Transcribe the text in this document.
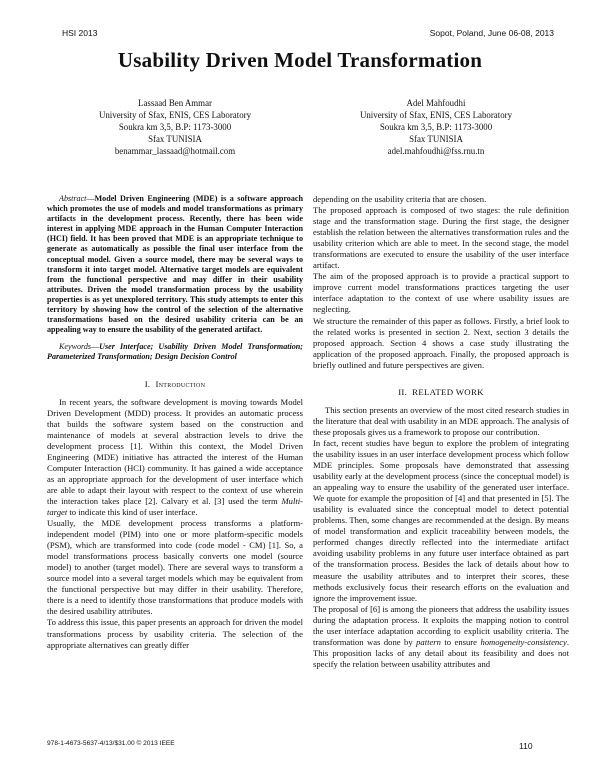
HSI 2013	Sopot, Poland, June 06-08, 2013
Usability Driven Model Transformation
Lassaad Ben Ammar
University of Sfax, ENIS, CES Laboratory
Soukra km 3,5, B.P: 1173-3000
Sfax TUNISIA
benammar_lassaad@hotmail.com
Adel Mahfoudhi
University of Sfax, ENIS, CES Laboratory
Soukra km 3,5, B.P: 1173-3000
Sfax TUNISIA
adel.mahfoudhi@fss.rnu.tn

Abstract—Model Driven Engineering (MDE) is a software approach which promotes the use of models and model transformations as primary artifacts in the development process. Recently, there has been wide interest in applying MDE approach in the Human Computer Interaction (HCI) field. It has been proved that MDE is an appropriate technique to generate as automatically as possible the final user interface from the conceptual model. Given a source model, there may be several ways to transform it into target model. Alternative target models are equivalent from the functional perspective and may differ in their usability attributes. Driven the model transformation process by the usability properties is as yet unexplored territory. This study attempts to enter this territory by showing how the control of the selection of the alternative transformations based on the desired usability criteria can be an appealing way to ensure the usability of the generated artifact.

Keywords—User Interface; Usability Driven Model Transformation; Parameterized Transformation; Design Decision Control

I. Introduction

In recent years, the software development is moving towards Model Driven Development (MDD) process. It provides an automatic process that builds the software system based on the construction and maintenance of models at several abstraction levels to drive the development process [1]. Within this context, the Model Driven Engineering (MDE) initiative has attracted the interest of the Human Computer Interaction (HCI) community. It has gained a wide acceptance as an appropriate approach for the development of user interface which are able to adapt their layout with respect to the context of use wherein the interaction takes place [2]. Calvary et al. [3] used the term Multi-target to indicate this kind of user interface.

Usually, the MDE development process transforms a platform-independent model (PIM) into one or more platform-specific models (PSM), which are transformed into code (code model - CM) [1]. So, a model transformations process basically converts one model (source model) to another (target model). There are several ways to transform a source model into a several target models which may be equivalent from the functional perspective but may differ in their usability. Therefore, there is a need to identify those transformations that produce models with the desired usability attributes.

To address this issue, this paper presents an approach for driven the model transformations process by usability criteria. The selection of the appropriate alternatives can greatly differ

depending on the usability criteria that are chosen.

The proposed approach is composed of two stages: the rule definition stage and the transformation stage. During the first stage, the designer establish the relation between the alternatives transformation rules and the usability criterion which are able to meet. In the second stage, the model transformations are executed to ensure the usability of the user interface artifact.

The aim of the proposed approach is to provide a practical support to improve current model transformations practices targeting the user interface adaptation to the context of use where usability issues are neglecting.

We structure the remainder of this paper as follows. Firstly, a brief look to the related works is presented in section 2. Next, section 3 details the proposed approach. Section 4 shows a case study illustrating the application of the proposed approach. Finally, the proposed approach is briefly outlined and future perspectives are given.

II. RELATED WORK

This section presents an overview of the most cited research studies in the literature that deal with usability in an MDE approach. The analysis of these proposals gives us a framework to propose our contribution.

In fact, recent studies have begun to explore the problem of integrating the usability issues in an user interface development process which follow MDE principles. Some proposals have demonstrated that assessing usability early at the development process (since the conceptual model) is an appealing way to ensure the usability of the generated user interface. We quote for example the proposition of [4] and that presented in [5]. The usability is evaluated since the conceptual model to detect potential problems. Then, some changes are recommended at the design. By means of model transformation and explicit traceability between models, the performed changes directly reflected into the intermediate artifact avoiding usability problems in any future user interface obtained as part of the transformation process. Besides the lack of details about how to measure the usability attributes and to interpret their scores, these methods exclusively focus their research efforts on the evaluation and ignore the improvement issue.

The proposal of [6] is among the pioneers that address the usability issues during the adaptation process. It exploits the mapping notion to control the user interface adaptation according to explicit usability criteria. The transformation was done by pattern to ensure homogeneity-consistency. This proposition lacks of any detail about its feasibility and does not specify the relation between usability attributes and

978-1-4673-5637-4/13/$31.00 © 2013 IEEE	110
